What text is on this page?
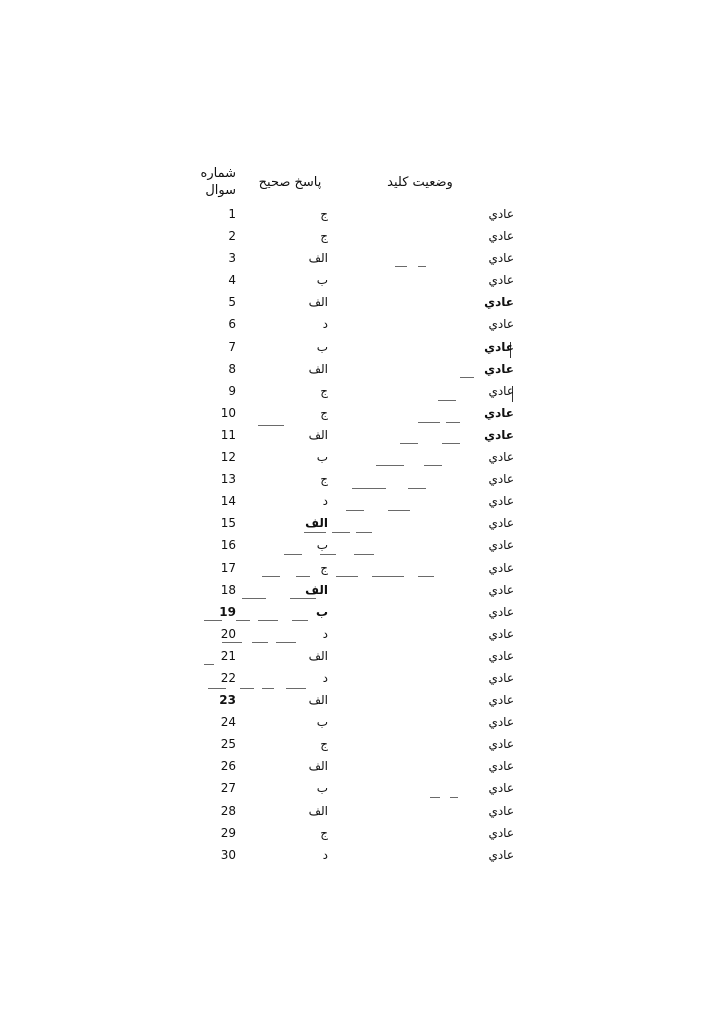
شماره سوال
پاسخ صحیح	وضعیت کلید
1	ج	عادي
2	ج	عادي
3	الف	عادي
4	ب	عادي
5	الف	عادي
6	د	عادي
7	ب	عادي
8	الف	عادي
9	ج	عادي
10	ج	عادي
11	الف	عادي
12	ب	عادي
13	ج	عادي
14	د	عادي
15	الف	عادي
16	ب	عادي
17	ج	عادي
18	الف	عادي
19	ب	عادي
20	د	عادي
21	الف	عادي
22	د	عادي
23	الف	عادي
24	ب	عادي
25	ج	عادي
26	الف	عادي
27	ب	عادي
28	الف	عادي
29	ج	عادي
30	د	عادي
